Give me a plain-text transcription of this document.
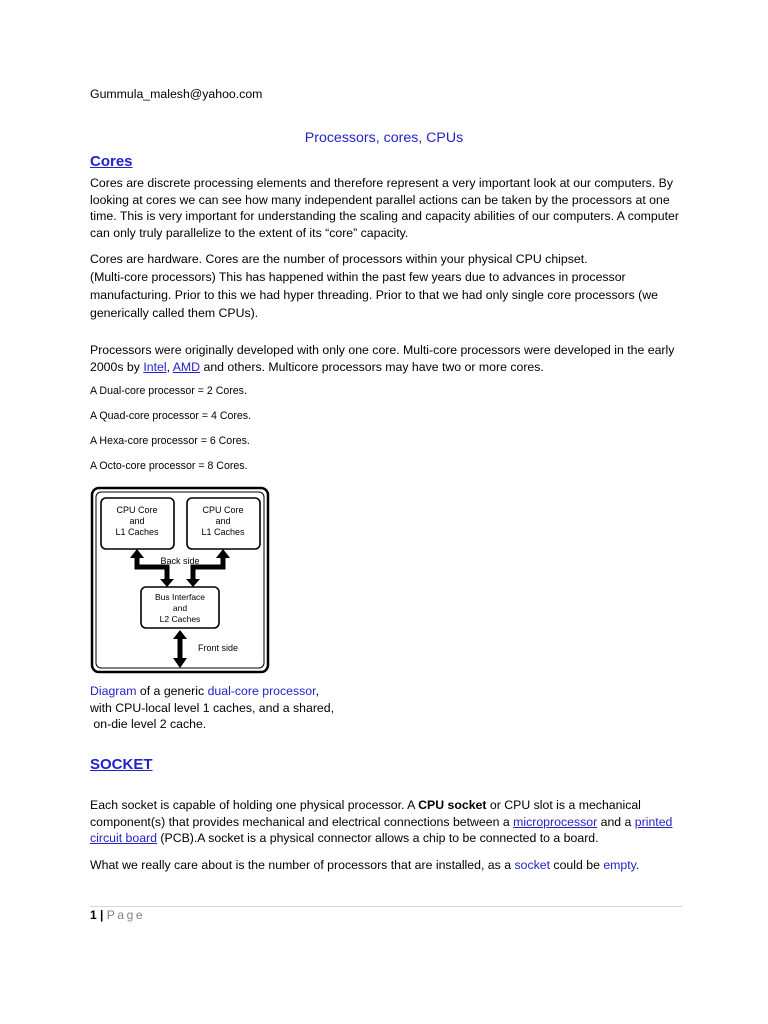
Gummula_malesh@yahoo.com
Processors, cores, CPUs
Cores
Cores are discrete processing elements and therefore represent a very important look at our computers. By looking at cores we can see how many independent parallel actions can be taken by the processors at one time. This is very important for understanding the scaling and capacity abilities of our computers. A computer can only truly parallelize to the extent of its “core” capacity.
Cores are hardware. Cores are the number of processors within your physical CPU chipset.
(Multi-core processors) This has happened within the past few years due to advances in processor manufacturing. Prior to this we had hyper threading. Prior to that we had only single core processors (we generically called them CPUs).
Processors were originally developed with only one core. Multi-core processors were developed in the early 2000s by Intel, AMD and others. Multicore processors may have two or more cores.
A Dual-core processor = 2 Cores.
A Quad-core processor = 4 Cores.
A Hexa-core processor = 6 Cores.
A Octo-core processor = 8 Cores.
CPU Core
and
L1 Caches
CPU Core
and
L1 Caches
Back side
Bus Interface
and
L2 Caches
Front side
Diagram of a generic dual-core processor,
with CPU-local level 1 caches, and a shared,
on-die level 2 cache.
SOCKET
Each socket is capable of holding one physical processor. A CPU socket or CPU slot is a mechanical component(s) that provides mechanical and electrical connections between a microprocessor and a printed circuit board (PCB).A socket is a physical connector allows a chip to be connected to a board.
What we really care about is the number of processors that are installed, as a socket could be empty.
1 | Page
